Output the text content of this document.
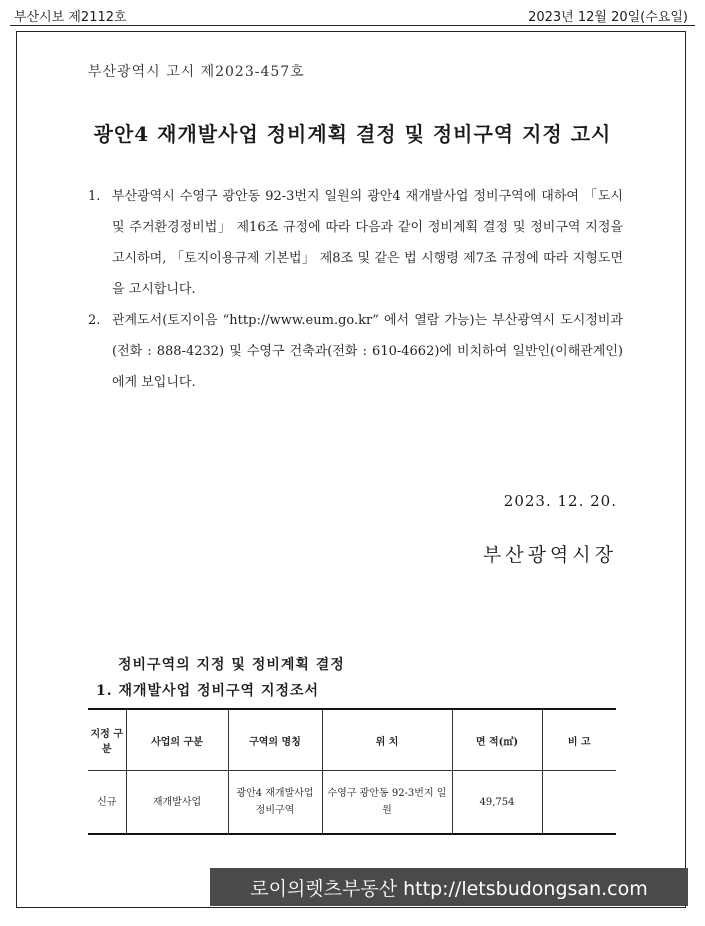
부산시보 제2112호	2023년 12월 20일(수요일)
부산광역시 고시 제2023-457호
광안4 재개발사업 정비계획 결정 및 정비구역 지정 고시
1. 부산광역시 수영구 광안동 92-3번지 일원의 광안4 재개발사업 정비구역에 대하여 「도시 및 주거환경정비법」 제16조 규정에 따라 다음과 같이 정비계획 결정 및 정비구역 지정을 고시하며, 「토지이용규제 기본법」 제8조 및 같은 법 시행령 제7조 규정에 따라 지형도면을 고시합니다.
2. 관계도서(토지이음 “http://www.eum.go.kr” 에서 열람 가능)는 부산광역시 도시정비과(전화 : 888-4232) 및 수영구 건축과(전화 : 610-4662)에 비치하여 일반인(이해관계인)에게 보입니다.
2023. 12. 20.
부산광역시장
정비구역의 지정 및 정비계획 결정
1. 재개발사업 정비구역 지정조서
지정 구분	사업의 구분	구역의 명칭	위 치	면 적(㎡)	비 고
신규	재개발사업	광안4 재개발사업 정비구역	수영구 광안동 92-3번지 일원	49,754	
로이의렛츠부동산 http://letsbudongsan.com
